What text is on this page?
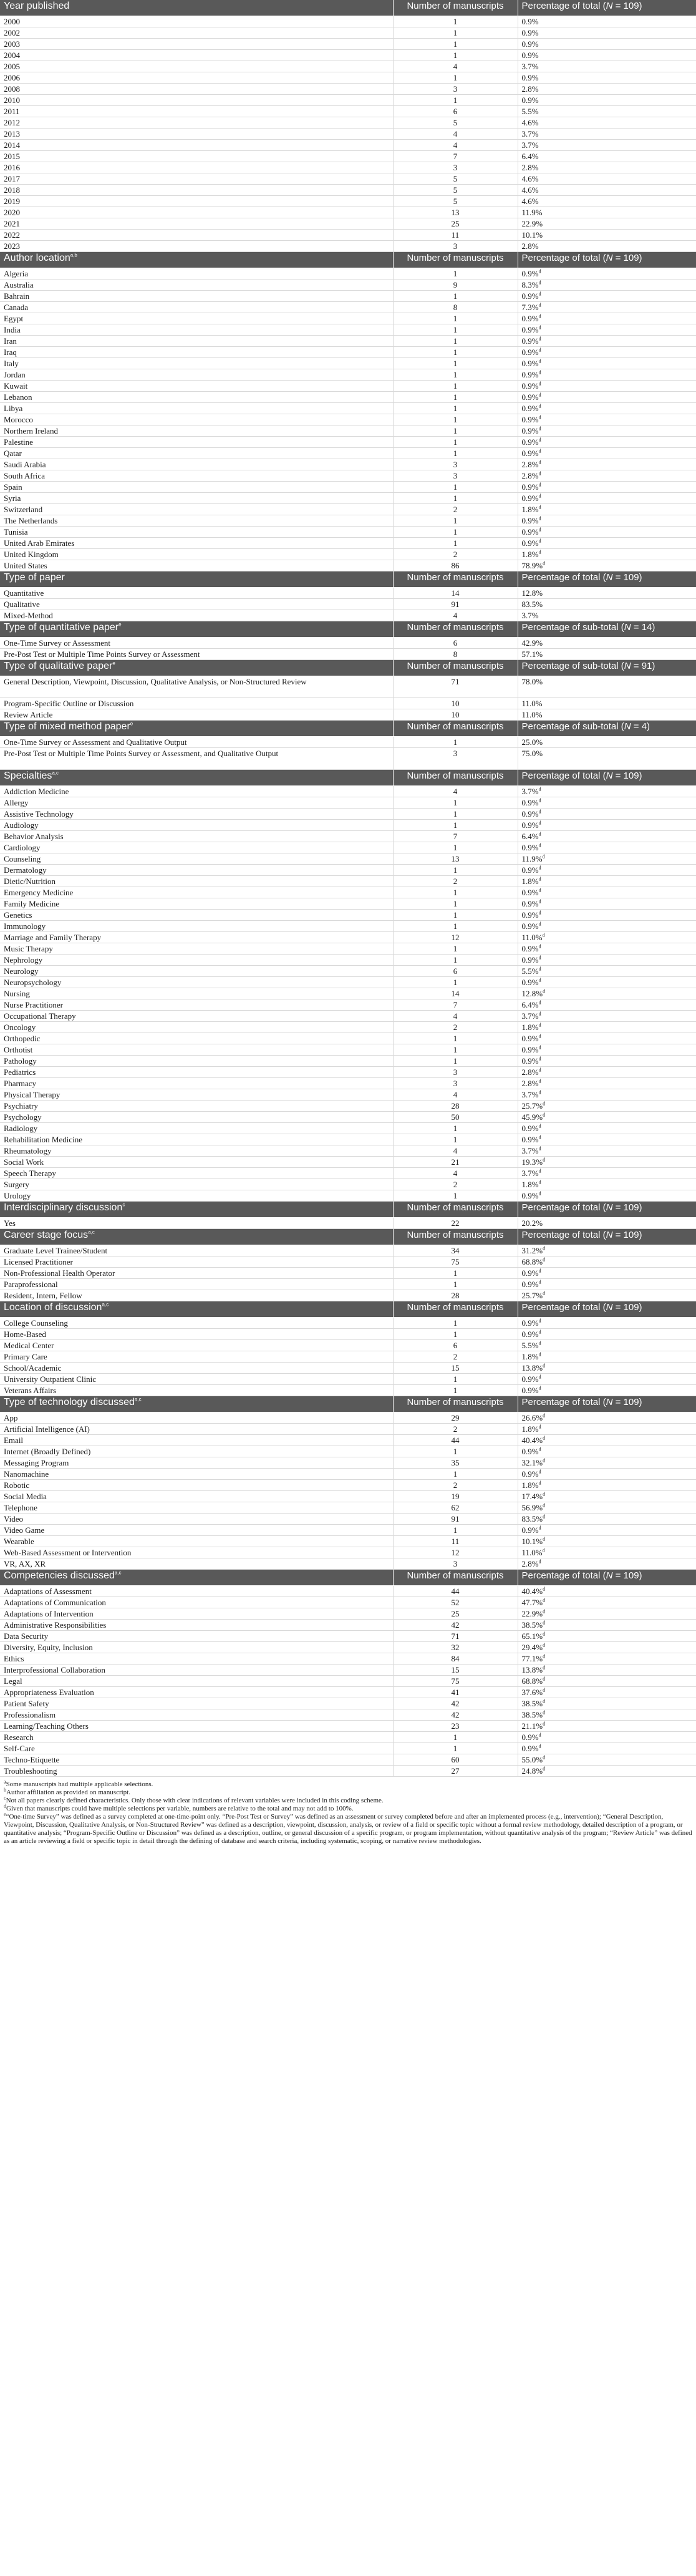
Year published	Number of manuscripts	Percentage of total (N = 109)
2000	1	0.9%
2002	1	0.9%
2003	1	0.9%
2004	1	0.9%
2005	4	3.7%
2006	1	0.9%
2008	3	2.8%
2010	1	0.9%
2011	6	5.5%
2012	5	4.6%
2013	4	3.7%
2014	4	3.7%
2015	7	6.4%
2016	3	2.8%
2017	5	4.6%
2018	5	4.6%
2019	5	4.6%
2020	13	11.9%
2021	25	22.9%
2022	11	10.1%
2023	3	2.8%
Author location$^{a,b}$	Number of manuscripts	Percentage of total (N = 109)
Algeria	1	0.9%$^d$
Australia	9	8.3%$^d$
Bahrain	1	0.9%$^d$
Canada	8	7.3%$^d$
Egypt	1	0.9%$^d$
India	1	0.9%$^d$
Iran	1	0.9%$^d$
Iraq	1	0.9%$^d$
Italy	1	0.9%$^d$
Jordan	1	0.9%$^d$
Kuwait	1	0.9%$^d$
Lebanon	1	0.9%$^d$
Libya	1	0.9%$^d$
Morocco	1	0.9%$^d$
Northern Ireland	1	0.9%$^d$
Palestine	1	0.9%$^d$
Qatar	1	0.9%$^d$
Saudi Arabia	3	2.8%$^d$
South Africa	3	2.8%$^d$
Spain	1	0.9%$^d$
Syria	1	0.9%$^d$
Switzerland	2	1.8%$^d$
The Netherlands	1	0.9%$^d$
Tunisia	1	0.9%$^d$
United Arab Emirates	1	0.9%$^d$
United Kingdom	2	1.8%$^d$
United States	86	78.9%$^d$
Type of paper	Number of manuscripts	Percentage of total (N = 109)
Quantitative	14	12.8%
Qualitative	91	83.5%
Mixed-Method	4	3.7%
Type of quantitative paper$^e$	Number of manuscripts	Percentage of sub-total (N = 14)
One-Time Survey or Assessment	6	42.9%
Pre-Post Test or Multiple Time Points Survey or Assessment	8	57.1%
Type of qualitative paper$^e$	Number of manuscripts	Percentage of sub-total (N = 91)
General Description, Viewpoint, Discussion, Qualitative Analysis, or Non-Structured Review	71	78.0%
Program-Specific Outline or Discussion	10	11.0%
Review Article	10	11.0%
Type of mixed method paper$^e$	Number of manuscripts	Percentage of sub-total (N = 4)
One-Time Survey or Assessment and Qualitative Output	1	25.0%
Pre-Post Test or Multiple Time Points Survey or Assessment, and Qualitative Output	3	75.0%
Specialties$^{a,c}$	Number of manuscripts	Percentage of total (N = 109)
Addiction Medicine	4	3.7%$^d$
Allergy	1	0.9%$^d$
Assistive Technology	1	0.9%$^d$
Audiology	1	0.9%$^d$
Behavior Analysis	7	6.4%$^d$
Cardiology	1	0.9%$^d$
Counseling	13	11.9%$^d$
Dermatology	1	0.9%$^d$
Dietic/Nutrition	2	1.8%$^d$
Emergency Medicine	1	0.9%$^d$
Family Medicine	1	0.9%$^d$
Genetics	1	0.9%$^d$
Immunology	1	0.9%$^d$
Marriage and Family Therapy	12	11.0%$^d$
Music Therapy	1	0.9%$^d$
Nephrology	1	0.9%$^d$
Neurology	6	5.5%$^d$
Neuropsychology	1	0.9%$^d$
Nursing	14	12.8%$^d$
Nurse Practitioner	7	6.4%$^d$
Occupational Therapy	4	3.7%$^d$
Oncology	2	1.8%$^d$
Orthopedic	1	0.9%$^d$
Orthotist	1	0.9%$^d$
Pathology	1	0.9%$^d$
Pediatrics	3	2.8%$^d$
Pharmacy	3	2.8%$^d$
Physical Therapy	4	3.7%$^d$
Psychiatry	28	25.7%$^d$
Psychology	50	45.9%$^d$
Radiology	1	0.9%$^d$
Rehabilitation Medicine	1	0.9%$^d$
Rheumatology	4	3.7%$^d$
Social Work	21	19.3%$^d$
Speech Therapy	4	3.7%$^d$
Surgery	2	1.8%$^d$
Urology	1	0.9%$^d$
Interdisciplinary discussion$^c$	Number of manuscripts	Percentage of total (N = 109)
Yes	22	20.2%
Career stage focus$^{a,c}$	Number of manuscripts	Percentage of total (N = 109)
Graduate Level Trainee/Student	34	31.2%$^d$
Licensed Practitioner	75	68.8%$^d$
Non-Professional Health Operator	1	0.9%$^d$
Paraprofessional	1	0.9%$^d$
Resident, Intern, Fellow	28	25.7%$^d$
Location of discussion$^{a,c}$	Number of manuscripts	Percentage of total (N = 109)
College Counseling	1	0.9%$^d$
Home-Based	1	0.9%$^d$
Medical Center	6	5.5%$^d$
Primary Care	2	1.8%$^d$
School/Academic	15	13.8%$^d$
University Outpatient Clinic	1	0.9%$^d$
Veterans Affairs	1	0.9%$^d$
Type of technology discussed$^{a,c}$	Number of manuscripts	Percentage of total (N = 109)
App	29	26.6%$^d$
Artificial Intelligence (AI)	2	1.8%$^d$
Email	44	40.4%$^d$
Internet (Broadly Defined)	1	0.9%$^d$
Messaging Program	35	32.1%$^d$
Nanomachine	1	0.9%$^d$
Robotic	2	1.8%$^d$
Social Media	19	17.4%$^d$
Telephone	62	56.9%$^d$
Video	91	83.5%$^d$
Video Game	1	0.9%$^d$
Wearable	11	10.1%$^d$
Web-Based Assessment or Intervention	12	11.0%$^d$
VR, AX, XR	3	2.8%$^d$
Competencies discussed$^{a,c}$	Number of manuscripts	Percentage of total (N = 109)
Adaptations of Assessment	44	40.4%$^d$
Adaptations of Communication	52	47.7%$^d$
Adaptations of Intervention	25	22.9%$^d$
Administrative Responsibilities	42	38.5%$^d$
Data Security	71	65.1%$^d$
Diversity, Equity, Inclusion	32	29.4%$^d$
Ethics	84	77.1%$^d$
Interprofessional Collaboration	15	13.8%$^d$
Legal	75	68.8%$^d$
Appropriateness Evaluation	41	37.6%$^d$
Patient Safety	42	38.5%$^d$
Professionalism	42	38.5%$^d$
Learning/Teaching Others	23	21.1%$^d$
Research	1	0.9%$^d$
Self-Care	1	0.9%$^d$
Techno-Etiquette	60	55.0%$^d$
Troubleshooting	27	24.8%$^d$

$^a$Some manuscripts had multiple applicable selections.

$^b$Author affiliation as provided on manuscript.

$^c$Not all papers clearly defined characteristics. Only those with clear indications of relevant variables were included in this coding scheme.

$^d$Given that manuscripts could have multiple selections per variable, numbers are relative to the total and may not add to 100%.

$^e$“One-time Survey” was defined as a survey completed at one-time-point only. “Pre-Post Test or Survey” was defined as an assessment or survey completed before and after an implemented process (e.g., intervention); “General Description, Viewpoint, Discussion, Qualitative Analysis, or Non-Structured Review” was defined as a description, viewpoint, discussion, analysis, or review of a field or specific topic without a formal review methodology, detailed description of a program, or quantitative analysis; “Program-Specific Outline or Discussion” was defined as a description, outline, or general discussion of a specific program, or program implementation, without quantitative analysis of the program; “Review Article” was defined as an article reviewing a field or specific topic in detail through the defining of database and search criteria, including systematic, scoping, or narrative review methodologies.
